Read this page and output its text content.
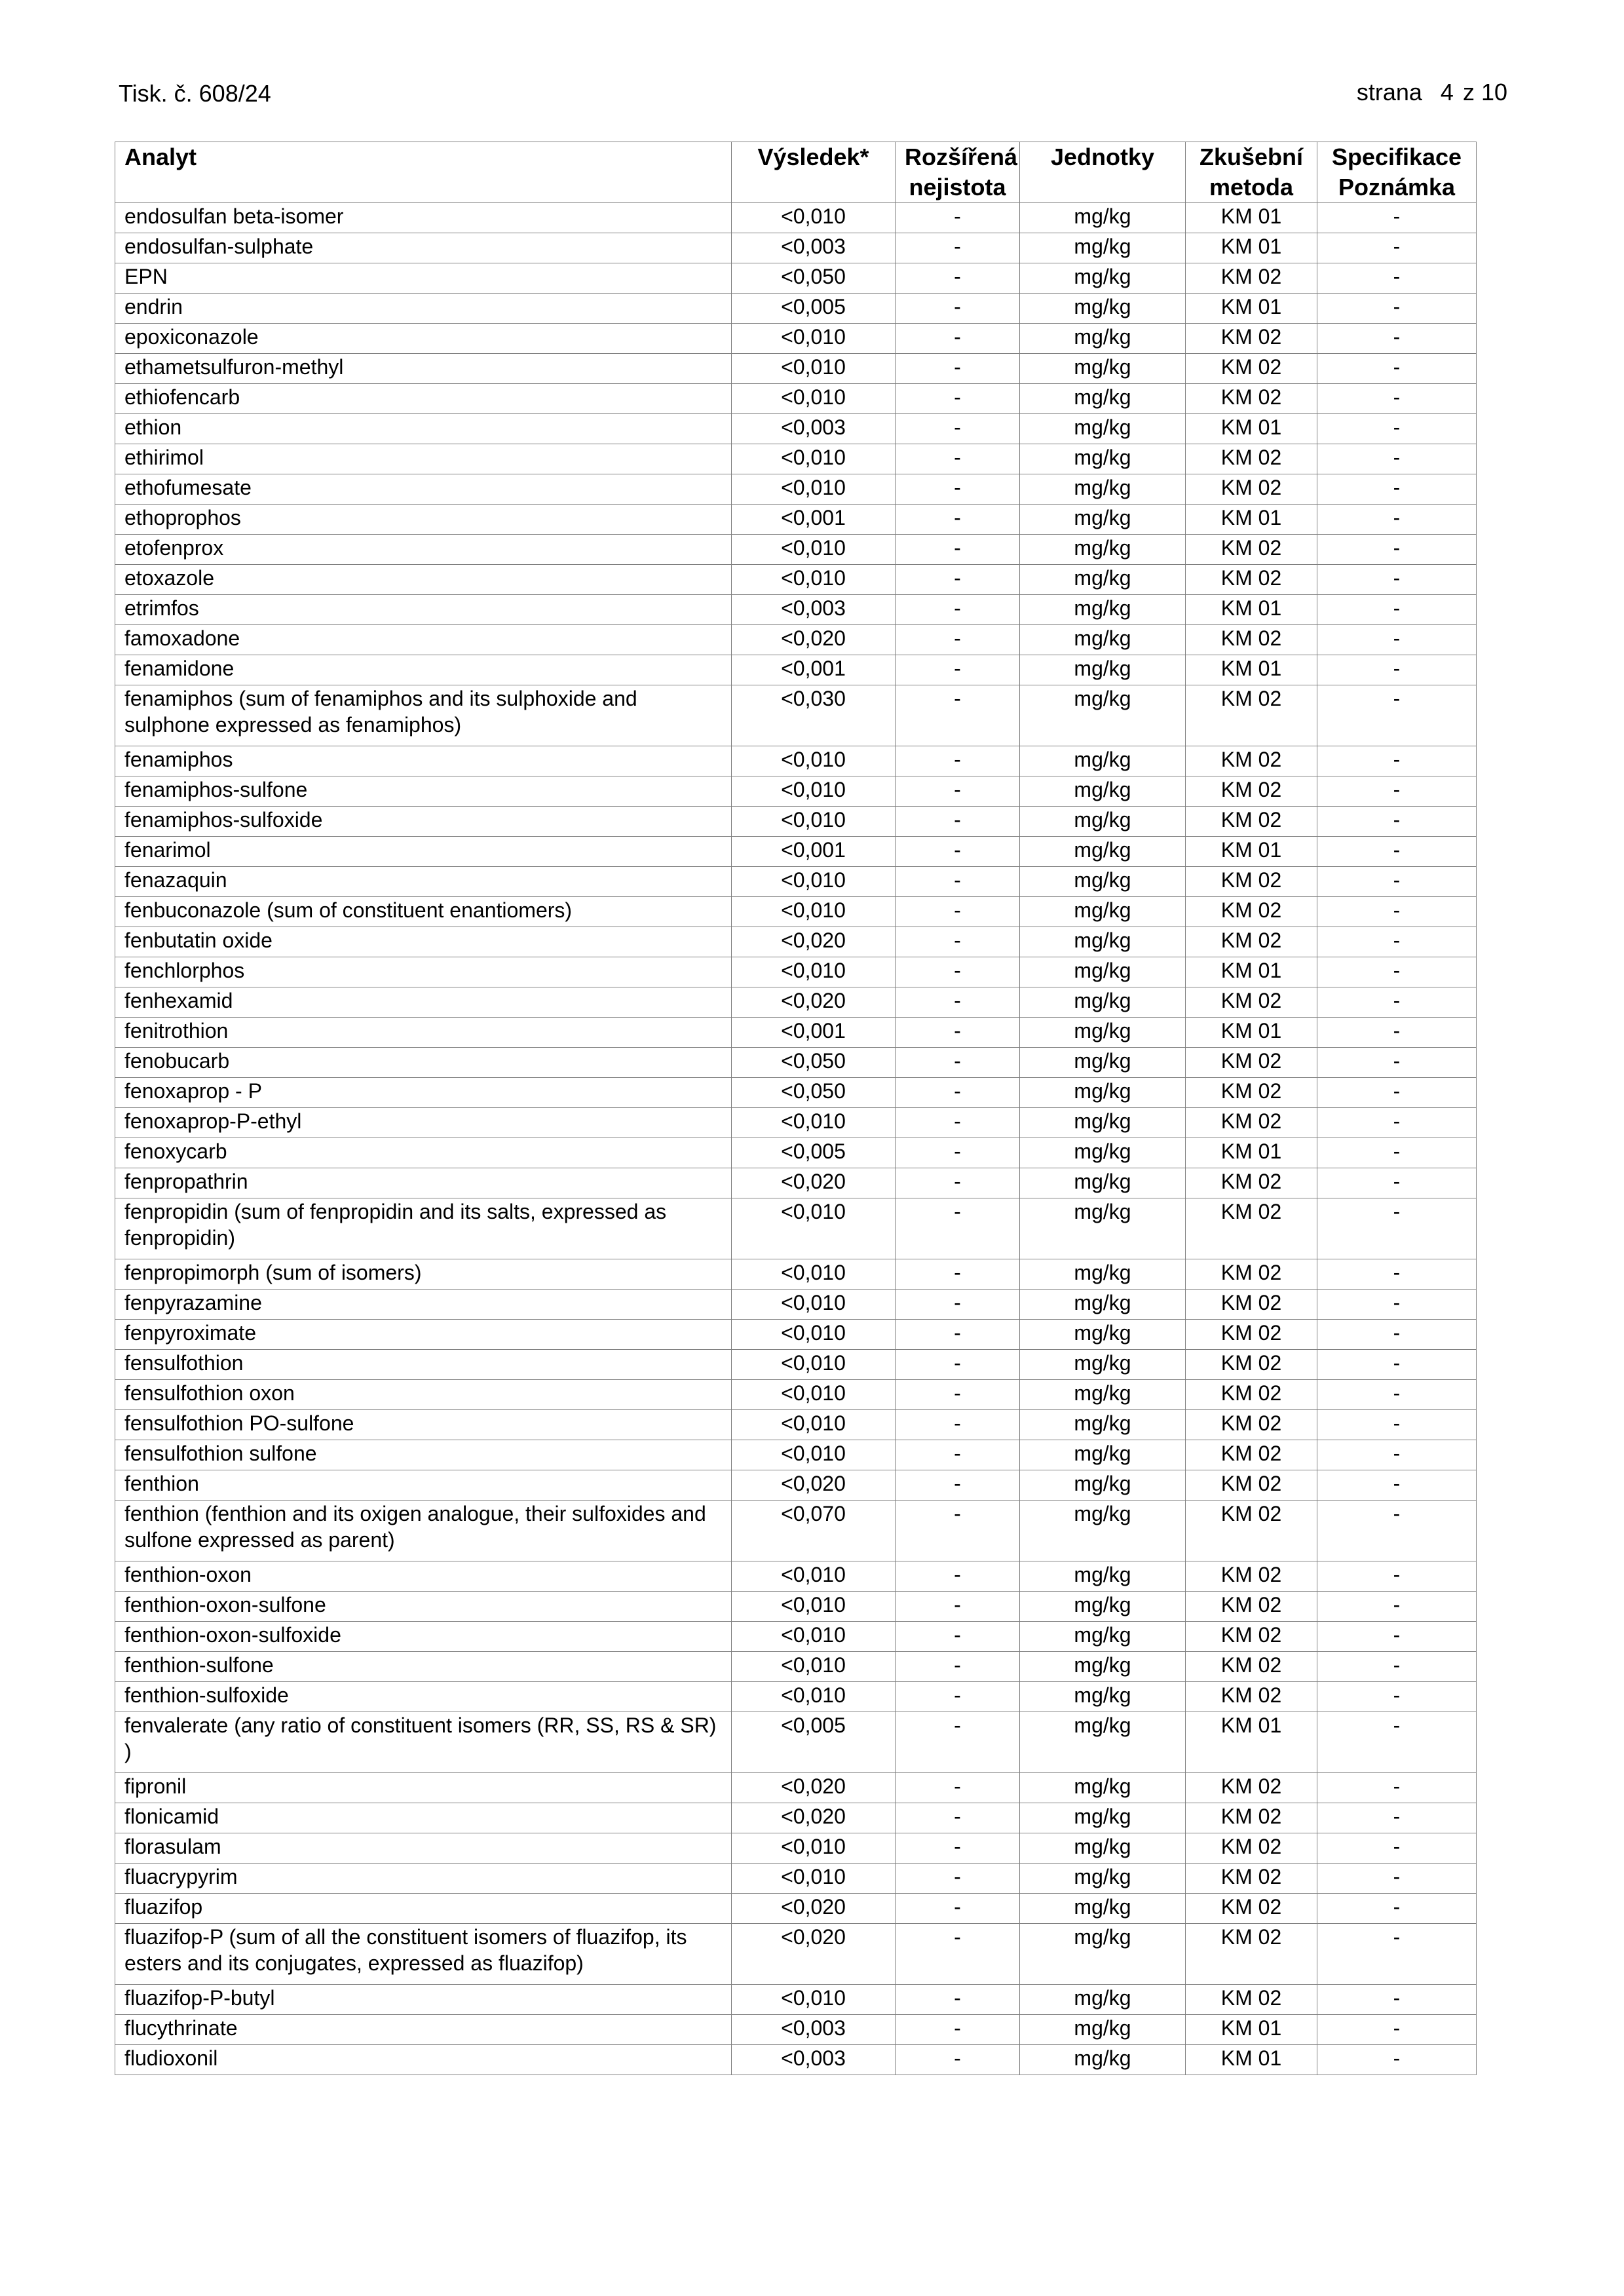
Tisk. č. 608/24	strana 4 z 10
Analyt	Výsledek*	Rozšířená nejistota	Jednotky	Zkušební metoda	Specifikace Poznámka
endosulfan beta-isomer	<0,010	-	mg/kg	KM 01	-
endosulfan-sulphate	<0,003	-	mg/kg	KM 01	-
EPN	<0,050	-	mg/kg	KM 02	-
endrin	<0,005	-	mg/kg	KM 01	-
epoxiconazole	<0,010	-	mg/kg	KM 02	-
ethametsulfuron-methyl	<0,010	-	mg/kg	KM 02	-
ethiofencarb	<0,010	-	mg/kg	KM 02	-
ethion	<0,003	-	mg/kg	KM 01	-
ethirimol	<0,010	-	mg/kg	KM 02	-
ethofumesate	<0,010	-	mg/kg	KM 02	-
ethoprophos	<0,001	-	mg/kg	KM 01	-
etofenprox	<0,010	-	mg/kg	KM 02	-
etoxazole	<0,010	-	mg/kg	KM 02	-
etrimfos	<0,003	-	mg/kg	KM 01	-
famoxadone	<0,020	-	mg/kg	KM 02	-
fenamidone	<0,001	-	mg/kg	KM 01	-
fenamiphos (sum of fenamiphos and its sulphoxide and sulphone expressed as fenamiphos)	<0,030	-	mg/kg	KM 02	-
fenamiphos	<0,010	-	mg/kg	KM 02	-
fenamiphos-sulfone	<0,010	-	mg/kg	KM 02	-
fenamiphos-sulfoxide	<0,010	-	mg/kg	KM 02	-
fenarimol	<0,001	-	mg/kg	KM 01	-
fenazaquin	<0,010	-	mg/kg	KM 02	-
fenbuconazole (sum of constituent enantiomers)	<0,010	-	mg/kg	KM 02	-
fenbutatin oxide	<0,020	-	mg/kg	KM 02	-
fenchlorphos	<0,010	-	mg/kg	KM 01	-
fenhexamid	<0,020	-	mg/kg	KM 02	-
fenitrothion	<0,001	-	mg/kg	KM 01	-
fenobucarb	<0,050	-	mg/kg	KM 02	-
fenoxaprop - P	<0,050	-	mg/kg	KM 02	-
fenoxaprop-P-ethyl	<0,010	-	mg/kg	KM 02	-
fenoxycarb	<0,005	-	mg/kg	KM 01	-
fenpropathrin	<0,020	-	mg/kg	KM 02	-
fenpropidin (sum of fenpropidin and its salts, expressed as fenpropidin)	<0,010	-	mg/kg	KM 02	-
fenpropimorph (sum of isomers)	<0,010	-	mg/kg	KM 02	-
fenpyrazamine	<0,010	-	mg/kg	KM 02	-
fenpyroximate	<0,010	-	mg/kg	KM 02	-
fensulfothion	<0,010	-	mg/kg	KM 02	-
fensulfothion oxon	<0,010	-	mg/kg	KM 02	-
fensulfothion PO-sulfone	<0,010	-	mg/kg	KM 02	-
fensulfothion sulfone	<0,010	-	mg/kg	KM 02	-
fenthion	<0,020	-	mg/kg	KM 02	-
fenthion (fenthion and its oxigen analogue, their sulfoxides and sulfone expressed as parent)	<0,070	-	mg/kg	KM 02	-
fenthion-oxon	<0,010	-	mg/kg	KM 02	-
fenthion-oxon-sulfone	<0,010	-	mg/kg	KM 02	-
fenthion-oxon-sulfoxide	<0,010	-	mg/kg	KM 02	-
fenthion-sulfone	<0,010	-	mg/kg	KM 02	-
fenthion-sulfoxide	<0,010	-	mg/kg	KM 02	-
fenvalerate (any ratio of constituent isomers (RR, SS, RS & SR) )	<0,005	-	mg/kg	KM 01	-
fipronil	<0,020	-	mg/kg	KM 02	-
flonicamid	<0,020	-	mg/kg	KM 02	-
florasulam	<0,010	-	mg/kg	KM 02	-
fluacrypyrim	<0,010	-	mg/kg	KM 02	-
fluazifop	<0,020	-	mg/kg	KM 02	-
fluazifop-P (sum of all the constituent isomers of fluazifop, its esters and its conjugates, expressed as fluazifop)	<0,020	-	mg/kg	KM 02	-
fluazifop-P-butyl	<0,010	-	mg/kg	KM 02	-
flucythrinate	<0,003	-	mg/kg	KM 01	-
fludioxonil	<0,003	-	mg/kg	KM 01	-
